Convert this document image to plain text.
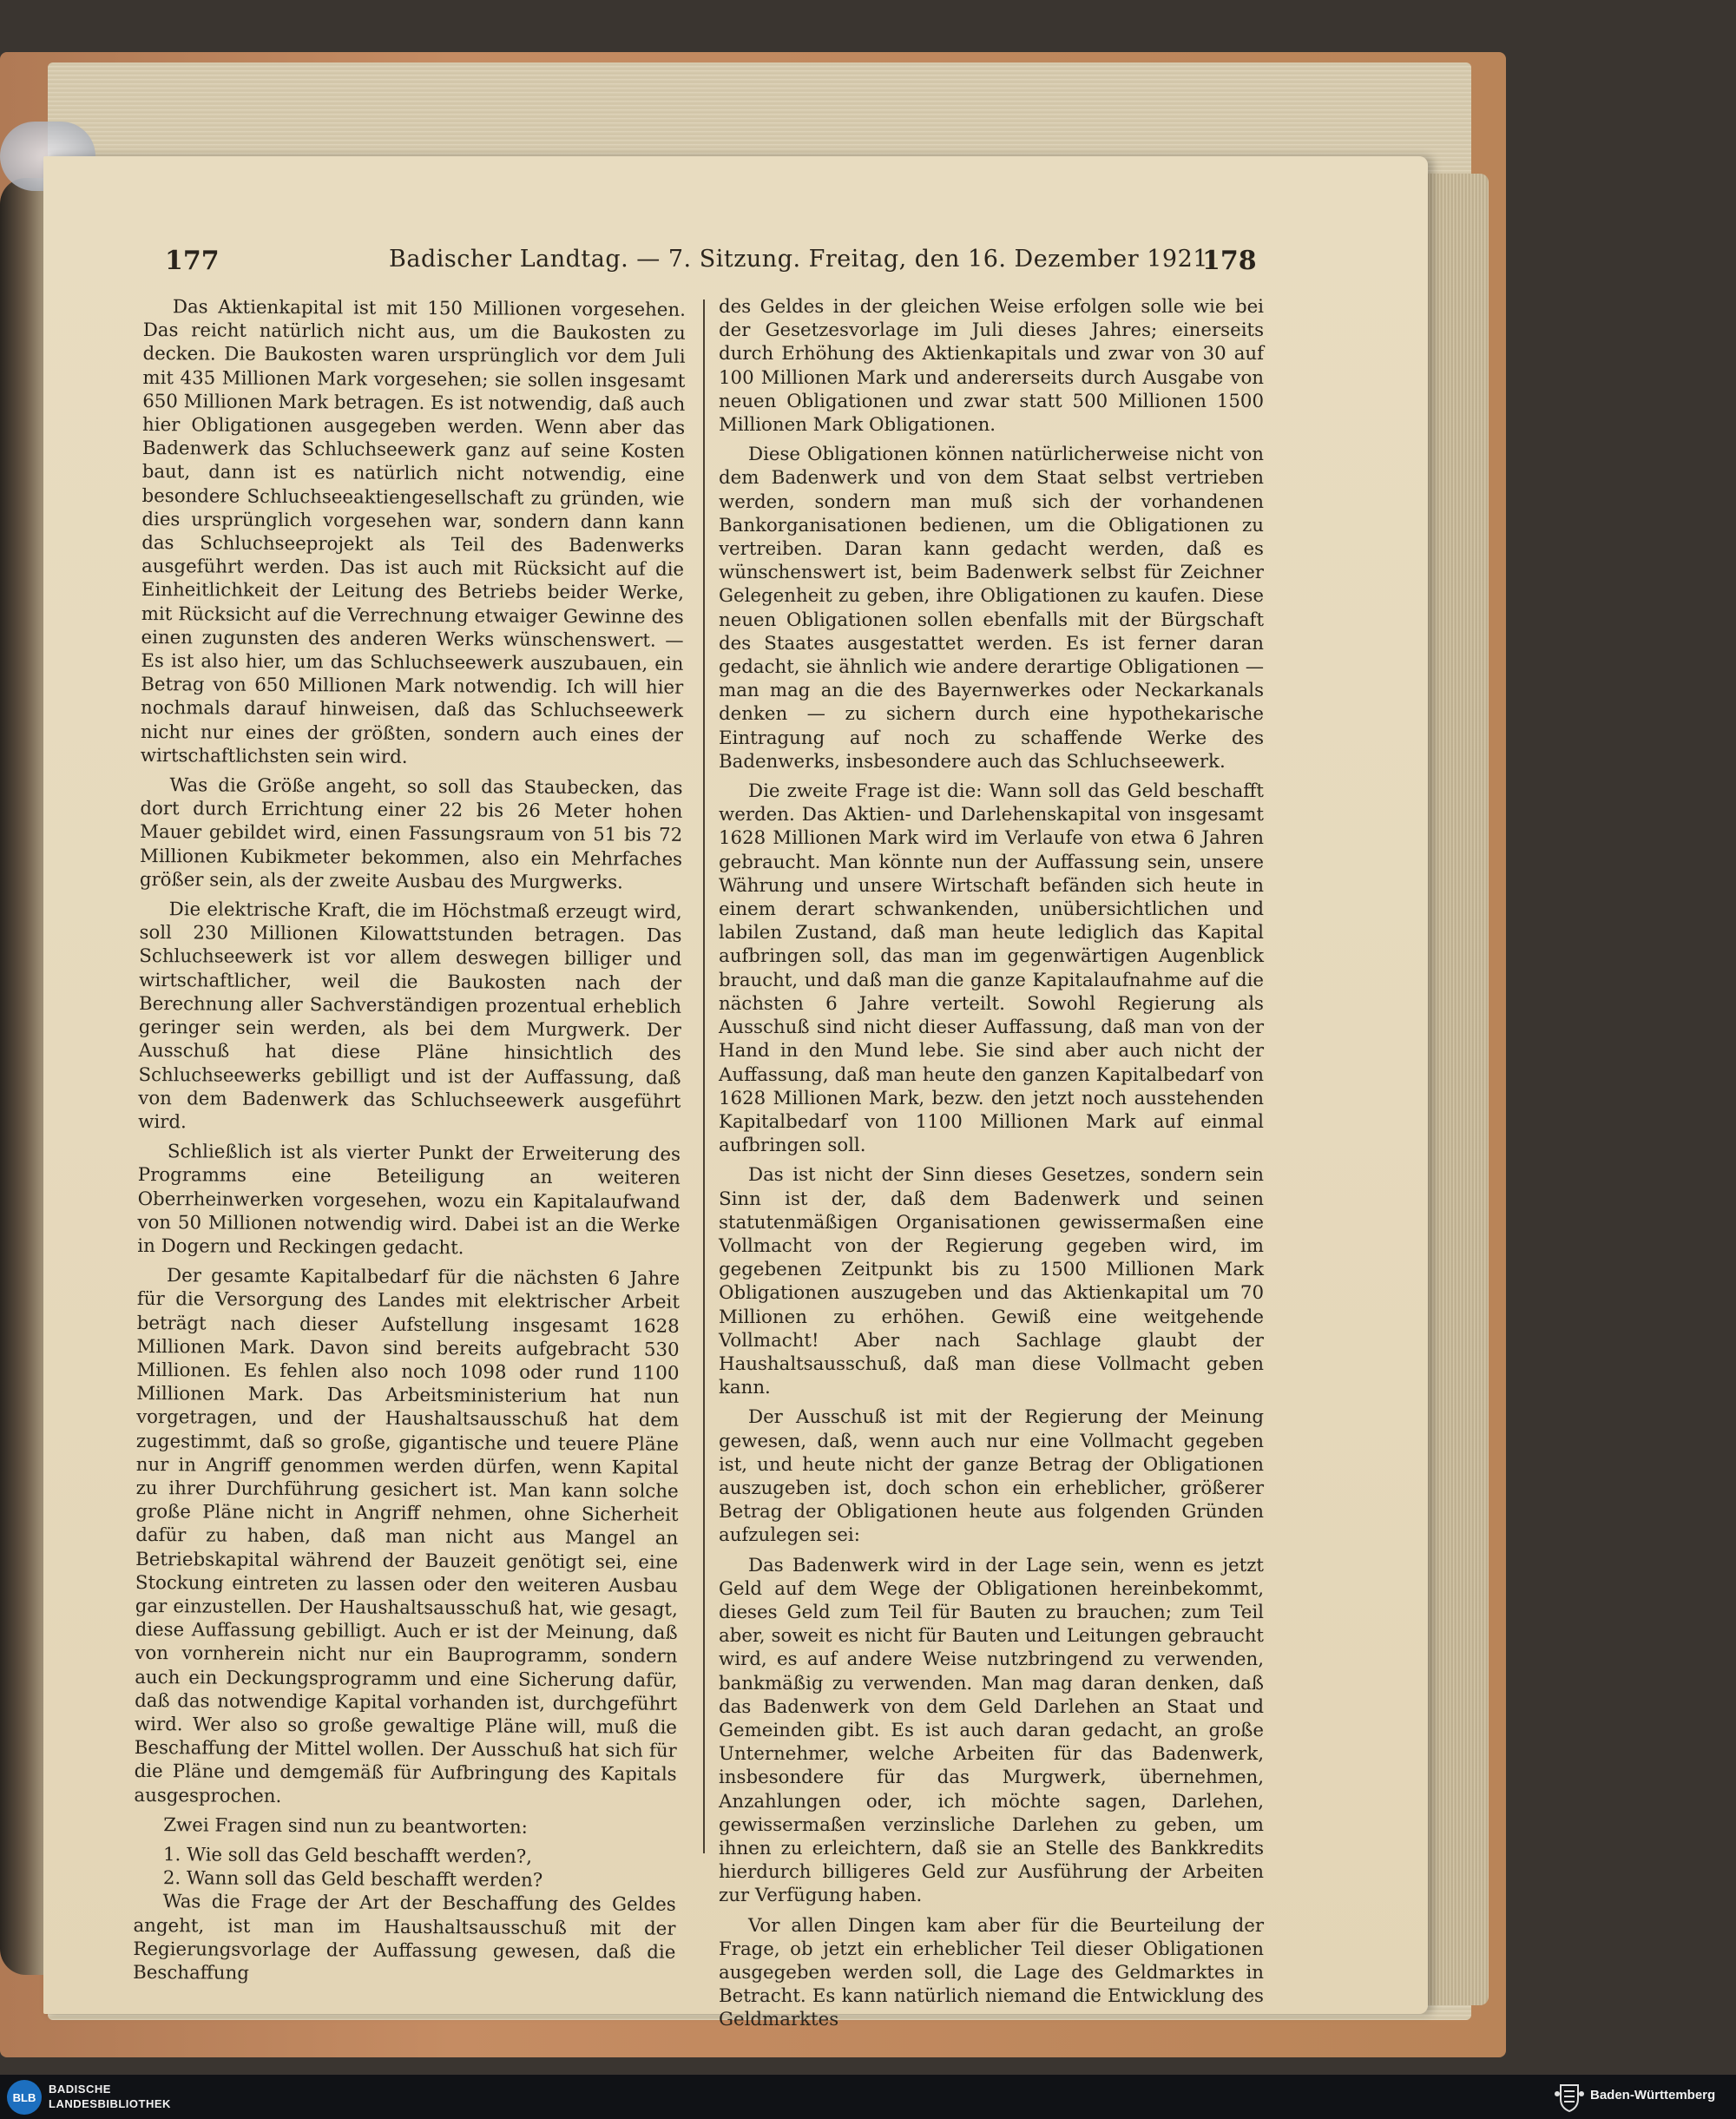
177	Badischer Landtag. — 7. Sitzung. Freitag, den 16. Dezember 1921.
178

Das Aktienkapital ist mit 150 Millionen vorgesehen. Das reicht natürlich nicht aus, um die Baukosten zu decken. Die Baukosten waren ursprünglich vor dem Juli mit 435 Millionen Mark vorgesehen; sie sollen insgesamt 650 Millionen Mark betragen. Es ist notwendig, daß auch hier Obligationen ausgegeben werden. Wenn aber das Badenwerk das Schluchseewerk ganz auf seine Kosten baut, dann ist es natürlich nicht notwendig, eine besondere Schluchseeaktiengesellschaft zu gründen, wie dies ursprünglich vorgesehen war, sondern dann kann das Schluchseeprojekt als Teil des Badenwerks ausgeführt werden. Das ist auch mit Rücksicht auf die Einheitlichkeit der Leitung des Betriebs beider Werke, mit Rücksicht auf die Verrechnung etwaiger Gewinne des einen zugunsten des anderen Werks wünschenswert. — Es ist also hier, um das Schluchseewerk auszubauen, ein Betrag von 650 Millionen Mark notwendig. Ich will hier nochmals darauf hinweisen, daß das Schluchseewerk nicht nur eines der größten, sondern auch eines der wirtschaftlichsten sein wird.

Was die Größe angeht, so soll das Staubecken, das dort durch Errichtung einer 22 bis 26 Meter hohen Mauer gebildet wird, einen Fassungsraum von 51 bis 72 Millionen Kubikmeter bekommen, also ein Mehrfaches größer sein, als der zweite Ausbau des Murgwerks.

Die elektrische Kraft, die im Höchstmaß erzeugt wird, soll 230 Millionen Kilowattstunden betragen. Das Schluchseewerk ist vor allem deswegen billiger und wirtschaftlicher, weil die Baukosten nach der Berechnung aller Sachverständigen prozentual erheblich geringer sein werden, als bei dem Murgwerk. Der Ausschuß hat diese Pläne hinsichtlich des Schluchseewerks gebilligt und ist der Auffassung, daß von dem Badenwerk das Schluchseewerk ausgeführt wird.

Schließlich ist als vierter Punkt der Erweiterung des Programms eine Beteiligung an weiteren Oberrheinwerken vorgesehen, wozu ein Kapitalaufwand von 50 Millionen notwendig wird. Dabei ist an die Werke in Dogern und Reckingen gedacht.

Der gesamte Kapitalbedarf für die nächsten 6 Jahre für die Versorgung des Landes mit elektrischer Arbeit beträgt nach dieser Aufstellung insgesamt 1628 Millionen Mark. Davon sind bereits aufgebracht 530 Millionen. Es fehlen also noch 1098 oder rund 1100 Millionen Mark. Das Arbeitsministerium hat nun vorgetragen, und der Haushaltsausschuß hat dem zugestimmt, daß so große, gigantische und teuere Pläne nur in Angriff genommen werden dürfen, wenn Kapital zu ihrer Durchführung gesichert ist. Man kann solche große Pläne nicht in Angriff nehmen, ohne Sicherheit dafür zu haben, daß man nicht aus Mangel an Betriebskapital während der Bauzeit genötigt sei, eine Stockung eintreten zu lassen oder den weiteren Ausbau gar einzustellen. Der Haushaltsausschuß hat, wie gesagt, diese Auffassung gebilligt. Auch er ist der Meinung, daß von vornherein nicht nur ein Bauprogramm, sondern auch ein Deckungsprogramm und eine Sicherung dafür, daß das notwendige Kapital vorhanden ist, durchgeführt wird. Wer also so große gewaltige Pläne will, muß die Beschaffung der Mittel wollen. Der Ausschuß hat sich für die Pläne und demgemäß für Aufbringung des Kapitals ausgesprochen.

Zwei Fragen sind nun zu beantworten:

1. Wie soll das Geld beschafft werden?,
2. Wann soll das Geld beschafft werden?

Was die Frage der Art der Beschaffung des Geldes angeht, ist man im Haushaltsausschuß mit der Regierungsvorlage der Auffassung gewesen, daß die Beschaffung

des Geldes in der gleichen Weise erfolgen solle wie bei der Gesetzesvorlage im Juli dieses Jahres; einerseits durch Erhöhung des Aktienkapitals und zwar von 30 auf 100 Millionen Mark und andererseits durch Ausgabe von neuen Obligationen und zwar statt 500 Millionen 1500 Millionen Mark Obligationen.

Diese Obligationen können natürlicherweise nicht von dem Badenwerk und von dem Staat selbst vertrieben werden, sondern man muß sich der vorhandenen Bankorganisationen bedienen, um die Obligationen zu vertreiben. Daran kann gedacht werden, daß es wünschenswert ist, beim Badenwerk selbst für Zeichner Gelegenheit zu geben, ihre Obligationen zu kaufen. Diese neuen Obligationen sollen ebenfalls mit der Bürgschaft des Staates ausgestattet werden. Es ist ferner daran gedacht, sie ähnlich wie andere derartige Obligationen — man mag an die des Bayernwerkes oder Neckarkanals denken — zu sichern durch eine hypothekarische Eintragung auf noch zu schaffende Werke des Badenwerks, insbesondere auch das Schluchseewerk.

Die zweite Frage ist die: Wann soll das Geld beschafft werden. Das Aktien- und Darlehenskapital von insgesamt 1628 Millionen Mark wird im Verlaufe von etwa 6 Jahren gebraucht. Man könnte nun der Auffassung sein, unsere Währung und unsere Wirtschaft befänden sich heute in einem derart schwankenden, unübersichtlichen und labilen Zustand, daß man heute lediglich das Kapital aufbringen soll, das man im gegenwärtigen Augenblick braucht, und daß man die ganze Kapitalaufnahme auf die nächsten 6 Jahre verteilt. Sowohl Regierung als Ausschuß sind nicht dieser Auffassung, daß man von der Hand in den Mund lebe. Sie sind aber auch nicht der Auffassung, daß man heute den ganzen Kapitalbedarf von 1628 Millionen Mark, bezw. den jetzt noch ausstehenden Kapitalbedarf von 1100 Millionen Mark auf einmal aufbringen soll.

Das ist nicht der Sinn dieses Gesetzes, sondern sein Sinn ist der, daß dem Badenwerk und seinen statutenmäßigen Organisationen gewissermaßen eine Vollmacht von der Regierung gegeben wird, im gegebenen Zeitpunkt bis zu 1500 Millionen Mark Obligationen auszugeben und das Aktienkapital um 70 Millionen zu erhöhen. Gewiß eine weitgehende Vollmacht! Aber nach Sachlage glaubt der Haushaltsausschuß, daß man diese Vollmacht geben kann.

Der Ausschuß ist mit der Regierung der Meinung gewesen, daß, wenn auch nur eine Vollmacht gegeben ist, und heute nicht der ganze Betrag der Obligationen auszugeben ist, doch schon ein erheblicher, größerer Betrag der Obligationen heute aus folgenden Gründen aufzulegen sei:

Das Badenwerk wird in der Lage sein, wenn es jetzt Geld auf dem Wege der Obligationen hereinbekommt, dieses Geld zum Teil für Bauten zu brauchen; zum Teil aber, soweit es nicht für Bauten und Leitungen gebraucht wird, es auf andere Weise nutzbringend zu verwenden, bankmäßig zu verwenden. Man mag daran denken, daß das Badenwerk von dem Geld Darlehen an Staat und Gemeinden gibt. Es ist auch daran gedacht, an große Unternehmer, welche Arbeiten für das Badenwerk, insbesondere für das Murgwerk, übernehmen, Anzahlungen oder, ich möchte sagen, Darlehen, gewissermaßen verzinsliche Darlehen zu geben, um ihnen zu erleichtern, daß sie an Stelle des Bankkredits hierdurch billigeres Geld zur Ausführung der Arbeiten zur Verfügung haben.

Vor allen Dingen kam aber für die Beurteilung der Frage, ob jetzt ein erheblicher Teil dieser Obligationen ausgegeben werden soll, die Lage des Geldmarktes in Betracht. Es kann natürlich niemand die Entwicklung des Geldmarktes

BLB
BADISCHE
LANDESBIBLIOTHEK
Baden-Württemberg
